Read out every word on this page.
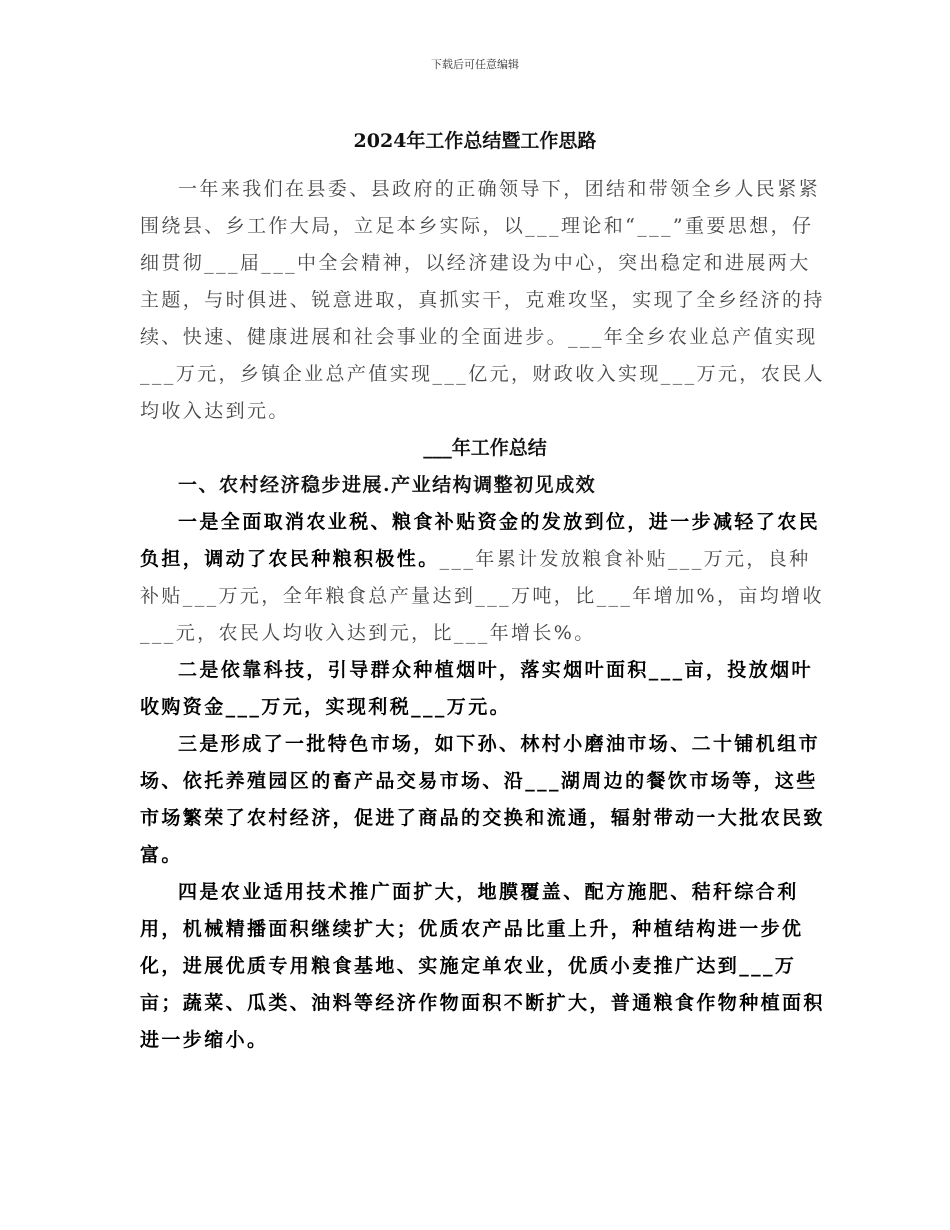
下载后可任意编辑
2024年工作总结暨工作思路

一年来我们在县委、县政府的正确领导下，团结和带领全乡人民紧紧围绕县、乡工作大局，立足本乡实际，以___理论和“___”重要思想，仔细贯彻___届___中全会精神，以经济建设为中心，突出稳定和进展两大主题，与时俱进、锐意进取，真抓实干，克难攻坚，实现了全乡经济的持续、快速、健康进展和社会事业的全面进步。___年全乡农业总产值实现___万元，乡镇企业总产值实现___亿元，财政收入实现___万元，农民人均收入达到元。

___年工作总结

一、农村经济稳步进展.产业结构调整初见成效

一是全面取消农业税、粮食补贴资金的发放到位，进一步减轻了农民负担，调动了农民种粮积极性。___年累计发放粮食补贴___万元，良种补贴___万元，全年粮食总产量达到___万吨，比___年增加%，亩均增收___元，农民人均收入达到元，比___年增长%。

二是依靠科技，引导群众种植烟叶，落实烟叶面积___亩，投放烟叶收购资金___万元，实现利税___万元。

三是形成了一批特色市场，如下孙、林村小磨油市场、二十铺机组市场、依托养殖园区的畜产品交易市场、沿___湖周边的餐饮市场等，这些市场繁荣了农村经济，促进了商品的交换和流通，辐射带动一大批农民致富。

四是农业适用技术推广面扩大，地膜覆盖、配方施肥、秸秆综合利用，机械精播面积继续扩大；优质农产品比重上升，种植结构进一步优化，进展优质专用粮食基地、实施定单农业，优质小麦推广达到___万亩；蔬菜、瓜类、油料等经济作物面积不断扩大，普通粮食作物种植面积进一步缩小。
